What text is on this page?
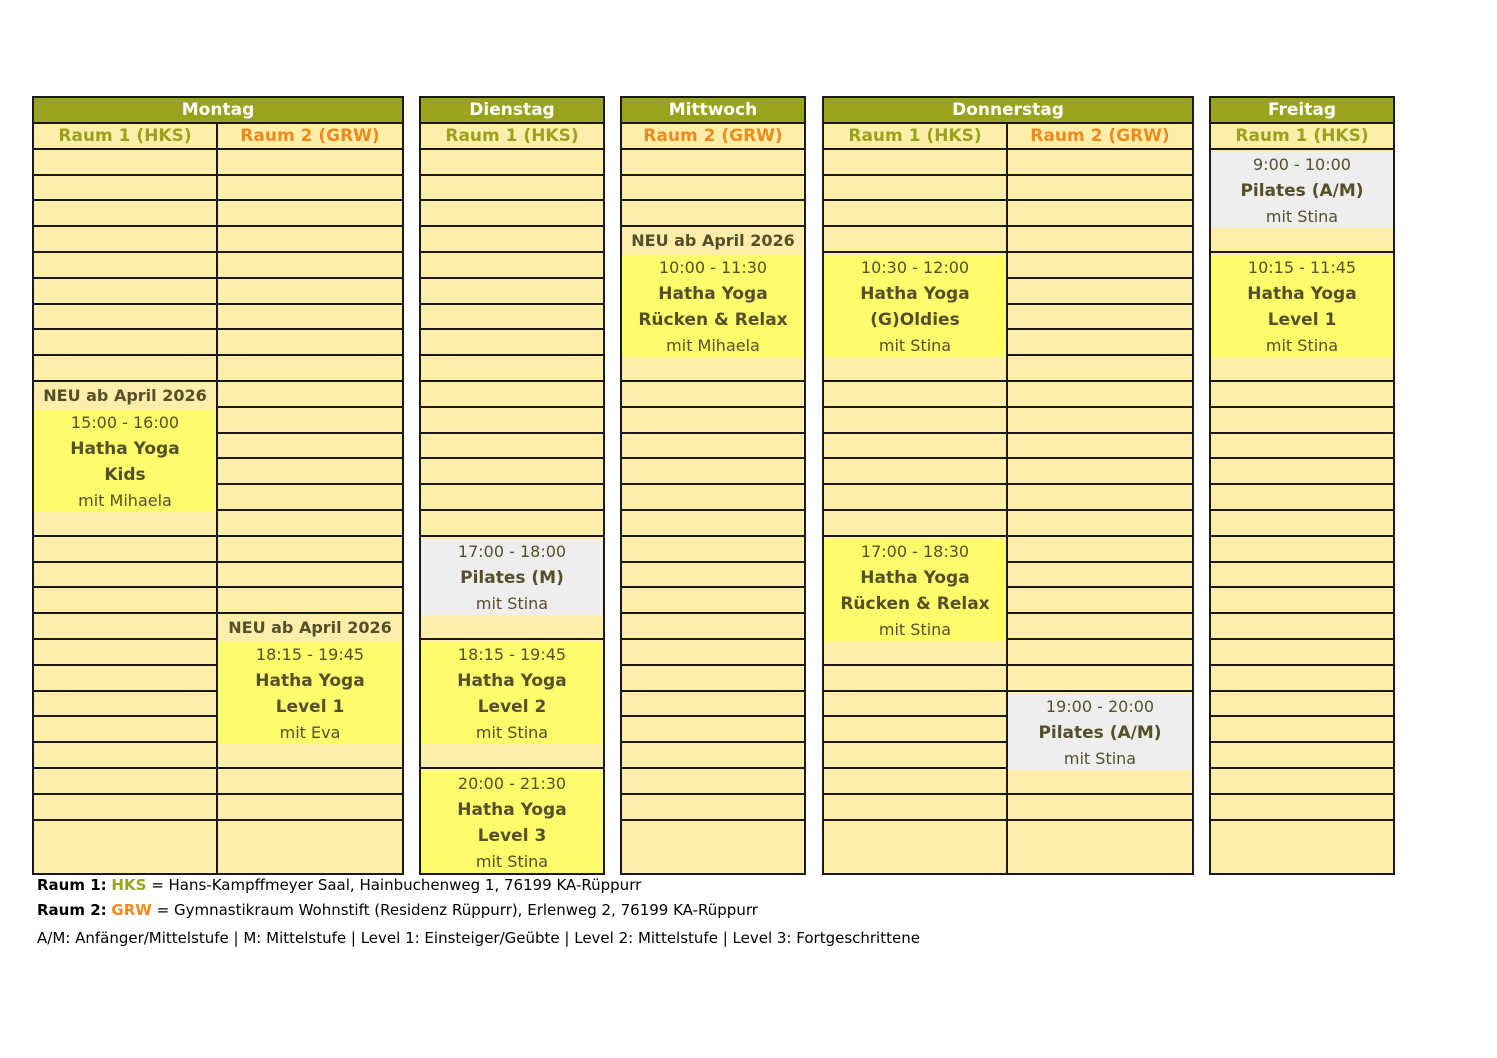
Montag
Raum 1 (HKS)	Raum 2 (GRW)
NEU ab April 2026
15:00 - 16:00
Hatha Yoga
Kids
mit Mihaela
NEU ab April 2026
18:15 - 19:45
Hatha Yoga
Level 1
mit Eva
Dienstag
Raum 1 (HKS)
17:00 - 18:00
Pilates (M)
mit Stina
18:15 - 19:45
Hatha Yoga
Level 2
mit Stina
20:00 - 21:30
Hatha Yoga
Level 3
mit Stina
Mittwoch
Raum 2 (GRW)
NEU ab April 2026
10:00 - 11:30
Hatha Yoga
Rücken & Relax
mit Mihaela
Donnerstag
Raum 1 (HKS)	Raum 2 (GRW)
10:30 - 12:00
Hatha Yoga
(G)Oldies
mit Stina
17:00 - 18:30
Hatha Yoga
Rücken & Relax
mit Stina
19:00 - 20:00
Pilates (A/M)
mit Stina
Freitag
Raum 1 (HKS)
9:00 - 10:00
Pilates (A/M)
mit Stina
10:15 - 11:45
Hatha Yoga
Level 1
mit Stina
Raum 1: HKS = Hans-Kampffmeyer Saal, Hainbuchenweg 1, 76199 KA-Rüppurr
Raum 2: GRW = Gymnastikraum Wohnstift (Residenz Rüppurr), Erlenweg 2, 76199 KA-Rüppurr
A/M: Anfänger/Mittelstufe | M: Mittelstufe | Level 1: Einsteiger/Geübte | Level 2: Mittelstufe | Level 3: Fortgeschrittene
